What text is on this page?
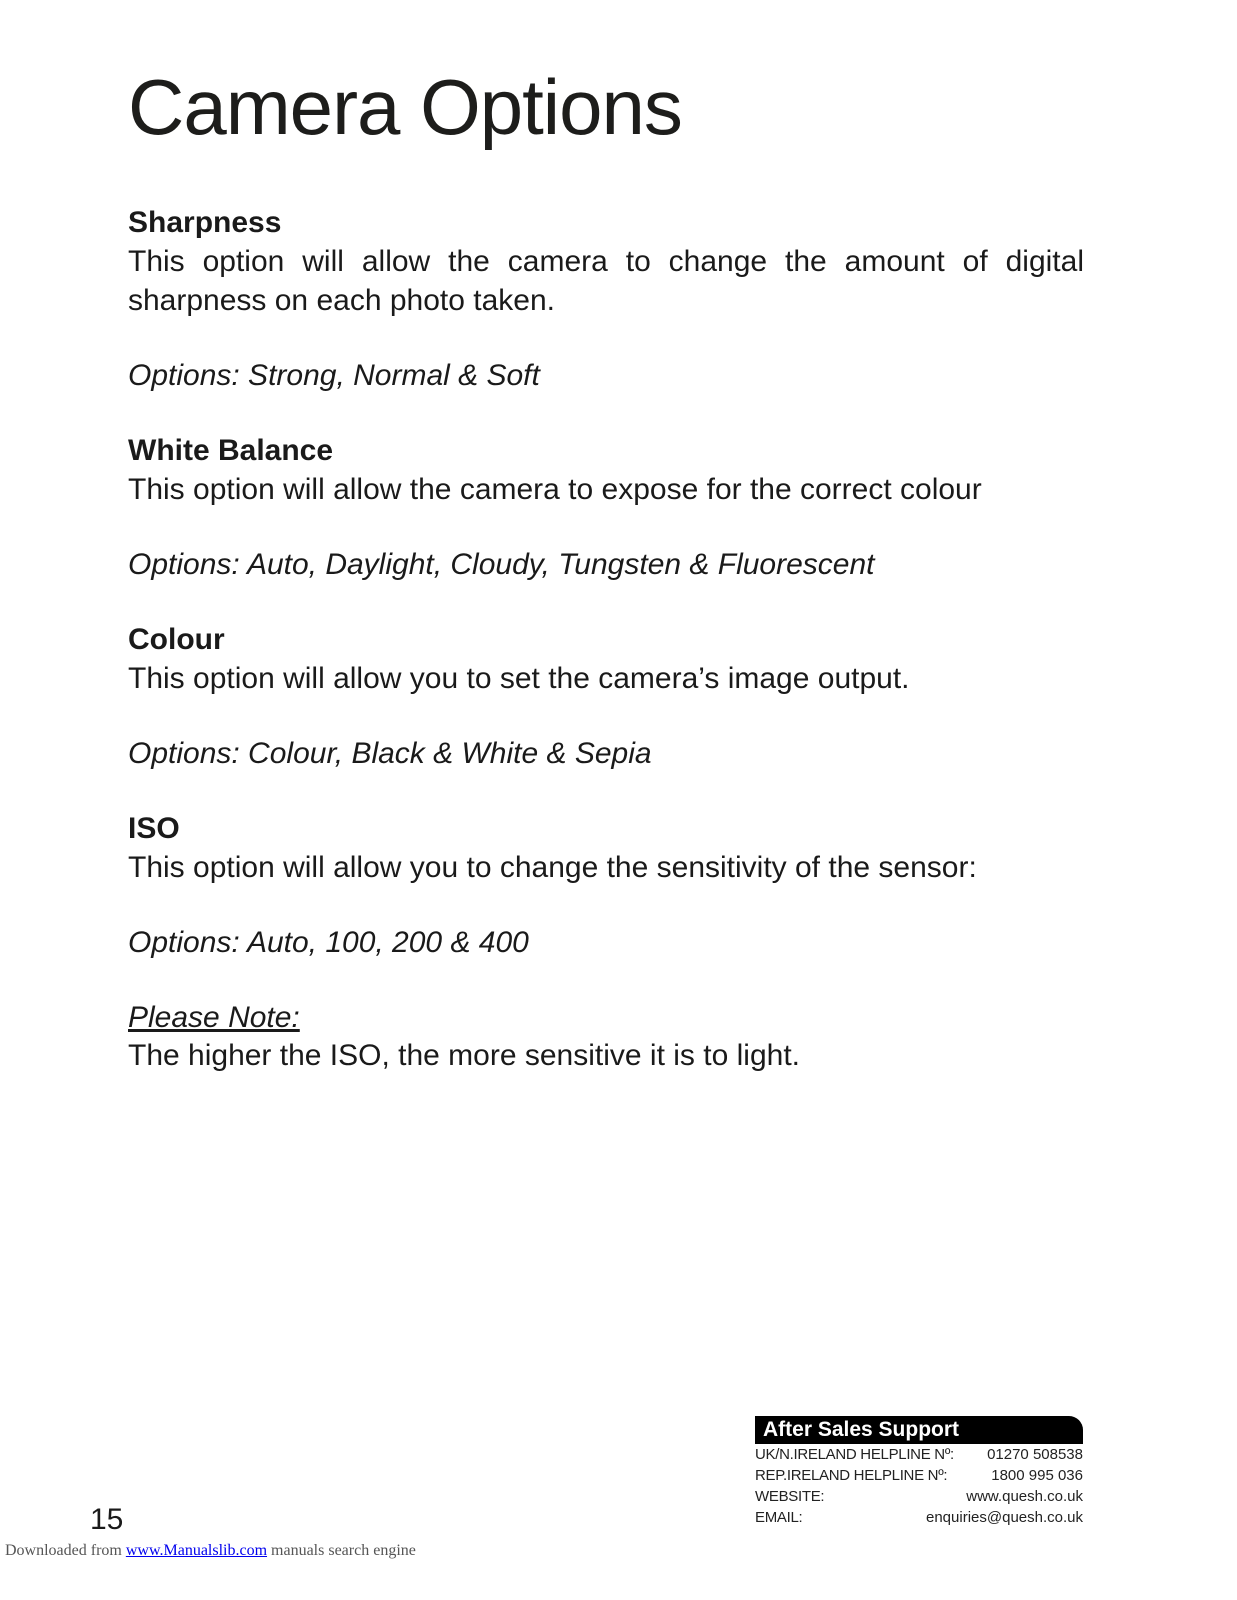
Camera Options
Sharpness
This option will allow the camera to change the amount of digital sharpness on each photo taken.
Options: Strong, Normal & Soft
White Balance
This option will allow the camera to expose for the correct colour
Options: Auto, Daylight, Cloudy, Tungsten & Fluorescent
Colour
This option will allow you to set the camera’s image output.
Options: Colour, Black & White & Sepia
ISO
This option will allow you to change the sensitivity of the sensor:
Options: Auto, 100, 200 & 400
Please Note:
The higher the ISO, the more sensitive it is to light.
15
After Sales Support
UK/N.IRELAND HELPLINE Nº: 01270 508538
REP.IRELAND HELPLINE Nº:	1800 995 036
WEBSITE:	www.quesh.co.uk
EMAIL:	enquiries@quesh.co.uk
Downloaded from www.Manualslib.com manuals search engine
